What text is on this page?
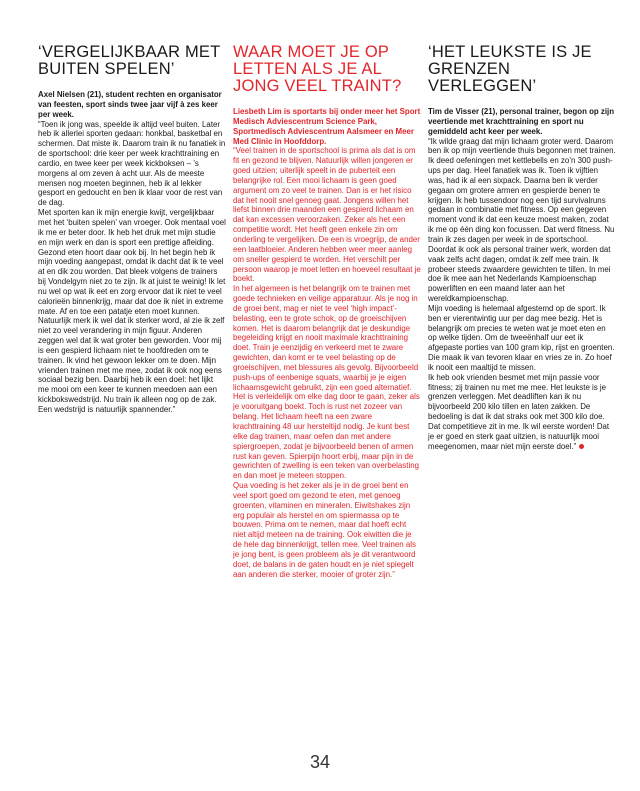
‘VERGELIJKBAAR MET BUITEN SPELEN’

Axel Nielsen (21), student rechten en organisator van feesten, sport sinds twee jaar vijf à zes keer per week.

“Toen ik jong was, speelde ik altijd veel buiten. Later heb ik allerlei sporten gedaan: honkbal, basketbal en schermen. Dat miste ik. Daarom train ik nu fanatiek in de sportschool: drie keer per week krachttraining en cardio, en twee keer per week kickboksen – ’s morgens al om zeven à acht uur. Als de meeste mensen nog moeten beginnen, heb ik al lekker gesport en gedoucht en ben ik klaar voor de rest van de dag.
Met sporten kan ik mijn energie kwijt, vergelijkbaar met het ‘buiten spelen’ van vroeger. Ook mentaal voel ik me er beter door. Ik heb het druk met mijn studie en mijn werk en dan is sport een prettige afleiding.
Gezond eten hoort daar ook bij. In het begin heb ik mijn voeding aangepast, omdat ik dacht dat ik te veel at en dik zou worden. Dat bleek volgens de trainers bij Vondelgym niet zo te zijn. Ik at juist te weinig! Ik let nu wel op wat ik eet en zorg ervoor dat ik niet te veel calorieën binnenkrijg, maar dat doe ik niet in extreme mate. Af en toe een patatje eten moet kunnen.
Natuurlijk merk ik wel dat ik sterker word, al zie ik zelf niet zo veel verandering in mijn figuur. Anderen zeggen wel dat ik wat groter ben geworden. Voor mij is een gespierd lichaam niet te hoofdreden om te trainen. Ik vind het gewoon lekker om te doen. Mijn vrienden trainen met me mee, zodat ik ook nog eens sociaal bezig ben. Daarbij heb ik een doel: het lijkt me mooi om een keer te kunnen meedoen aan een kickbokswedstrijd. Nu train ik alleen nog op de zak. Een wedstrijd is natuurlijk spannender.”

WAAR MOET JE OP LETTEN ALS JE AL JONG VEEL TRAINT?

Liesbeth Lim is sportarts bij onder meer het Sport Medisch Adviescentrum Science Park, Sportmedisch Adviescentrum Aalsmeer en Meer Med Clinic in Hoofddorp.

“Veel trainen in de sportschool is prima als dat is om fit en gezond te blijven. Natuurlijk willen jongeren er goed uitzien; uiterlijk speelt in de puberteit een belangrijke rol. Een mooi lichaam is geen goed argument om zo veel te trainen. Dan is er het risico dat het nooit snel genoeg gaat. Jongens willen het liefst binnen drie maanden een gespierd lichaam en dat kan excessen veroorzaken. Zeker als het een competitie wordt. Het heeft geen enkele zin om onderling te vergelijken. De een is vroegrijp, de ander een laatbloeier. Anderen hebben weer meer aanleg om sneller gespierd te worden. Het verschilt per persoon waarop je moet letten en hoeveel resultaat je boekt.
In het algemeen is het belangrijk om te trainen met goede technieken en veilige apparatuur. Als je nog in de groei bent, mag er niet te veel ‘high impact’-belasting, een te grote schok, op de groeischijven komen. Het is daarom belangrijk dat je deskundige begeleiding krijgt en nooit maximale krachttraining doet. Train je eenzijdig en verkeerd met te zware gewichten, dan komt er te veel belasting op de groeischijven, met blessures als gevolg. Bijvoorbeeld push-ups of eenbenige squats, waarbij je je eigen lichaamsgewicht gebruikt, zijn een goed alternatief.
Het is verleidelijk om elke dag door te gaan, zeker als je vooruitgang boekt. Toch is rust net zozeer van belang. Het lichaam heeft na een zware krachttraining 48 uur hersteltijd nodig. Je kunt best elke dag trainen, maar oefen dan met andere spiergroepen, zodat je bijvoorbeeld benen of armen rust kan geven. Spierpijn hoort erbij, maar pijn in de gewrichten of zwelling is een teken van overbelasting en dan moet je meteen stoppen.
Qua voeding is het zeker als je in de groei bent en veel sport goed om gezond te eten, met genoeg groenten, vitaminen en mineralen. Eiwitshakes zijn erg populair als herstel en om spiermassa op te bouwen. Prima om te nemen, maar dat hoeft echt niet altijd meteen na de training. Ook eiwitten die je de hele dag binnenkrijgt, tellen mee. Veel trainen als je jong bent, is geen probleem als je dit verantwoord doet, de balans in de gaten houdt en je niet spiegelt aan anderen die sterker, mooier of groter zijn.”

‘HET LEUKSTE IS JE GRENZEN VERLEGGEN’

Tim de Visser (21), personal trainer, begon op zijn veertiende met krachttraining en sport nu gemiddeld acht keer per week.

“Ik wilde graag dat mijn lichaam groter werd. Daarom ben ik op mijn veertiende thuis begonnen met trainen. Ik deed oefeningen met kettlebells en zo’n 300 push-ups per dag. Heel fanatiek was ik. Toen ik vijftien was, had ik al een sixpack. Daarna ben ik verder gegaan om grotere armen en gespierde benen te krijgen. Ik heb tussendoor nog een tijd survivalruns gedaan in combinatie met fitness. Op een gegeven moment vond ik dat een keuze moest maken, zodat ik me op één ding kon focussen. Dat werd fitness. Nu train ik zes dagen per week in de sportschool. Doordat ik ook als personal trainer werk, worden dat vaak zelfs acht dagen, omdat ik zelf mee train. Ik probeer steeds zwaardere gewichten te tillen. In mei doe ik mee aan het Nederlands Kampioenschap powerliften en een maand later aan het wereldkampioenschap.
Mijn voeding is helemaal afgestemd op de sport. Ik ben er vierentwintig uur per dag mee bezig. Het is belangrijk om precies te weten wat je moet eten en op welke tijden. Om de tweeënhalf uur eet ik afgepaste porties van 100 gram kip, rijst en groenten. Die maak ik van tevoren klaar en vries ze in. Zo hoef ik nooit een maaltijd te missen.
Ik heb ook vrienden besmet met mijn passie voor fitness; zij trainen nu met me mee. Het leukste is je grenzen verleggen. Met deadliften kan ik nu bijvoorbeeld 200 kilo tillen en laten zakken. De bedoeling is dat ik dat straks ook met 300 kilo doe. Dat competitieve zit in me. Ik wil eerste worden! Dat je er goed en sterk gaat uitzien, is natuurlijk mooi meegenomen, maar niet mijn eerste doel.”

34
